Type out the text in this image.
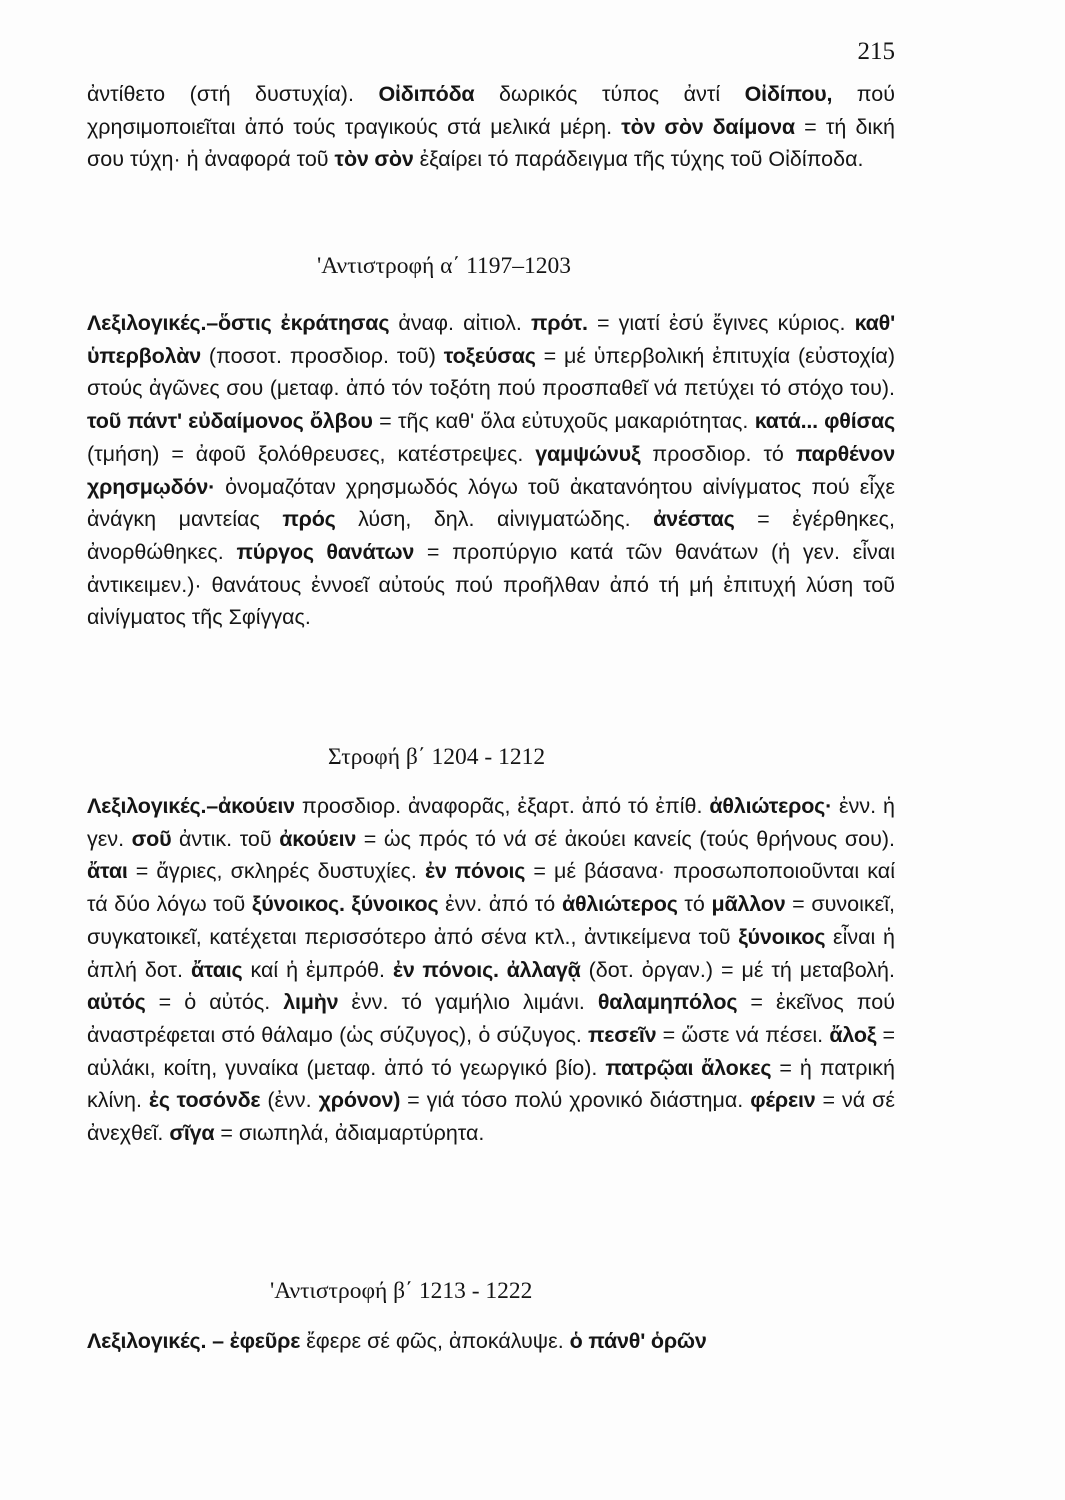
215

ἀντίθετο (στή δυστυχία). Οἰδιπόδα δωρικός τύπος ἀντί Οἰδίπου, πού χρησιμοποιεῖται ἀπό τούς τραγικούς στά μελικά μέρη. τὸν σὸν δαίμονα = τή δική σου τύχη· ἡ ἀναφορά τοῦ τὸν σὸν ἐξαίρει τό παράδειγμα τῆς τύχης τοῦ Οἰδίποδα.

'Αντιστροφή α΄ 1197–1203

Λεξιλογικές.–ὅστις ἐκράτησας ἀναφ. αἰτιολ. πρότ. = γιατί ἐσύ ἔγινες κύριος. καθ' ὑπερβολὰν (ποσοτ. προσδιορ. τοῦ) τοξεύσας = μέ ὑπερβολική ἐπιτυχία (εὐστοχία) στούς ἀγῶνες σου (μεταφ. ἀπό τόν τοξότη πού προσπαθεῖ νά πετύχει τό στόχο του). τοῦ πάντ' εὐδαίμονος ὄλβου = τῆς καθ' ὅλα εὐτυχοῦς μακαριότητας. κατά... φθίσας (τμήση) = ἀφοῦ ξολόθρευσες, κατέστρεψες. γαμψώνυξ προσδιορ. τό παρθένον χρησμῳδόν· ὀνομαζόταν χρησμωδός λόγω τοῦ ἀκατανόητου αἰνίγματος πού εἶχε ἀνάγκη μαντείας πρός λύση, δηλ. αἰνιγματώδης. ἀνέστας = ἐγέρθηκες, ἀνορθώθηκες. πύργος θανάτων = προπύργιο κατά τῶν θανάτων (ἡ γεν. εἶναι ἀντικειμεν.)· θανάτους ἐννοεῖ αὐτούς πού προῆλθαν ἀπό τή μή ἐπιτυχή λύση τοῦ αἰνίγματος τῆς Σφίγγας.

Στροφή β΄ 1204 - 1212

Λεξιλογικές.–ἀκούειν προσδιορ. ἀναφορᾶς, ἐξαρτ. ἀπό τό ἐπίθ. ἀθλιώτερος· ἐνν. ἡ γεν. σοῦ ἀντικ. τοῦ ἀκούειν = ὡς πρός τό νά σέ ἀκούει κανείς (τούς θρήνους σου). ἄται = ἄγριες, σκληρές δυστυχίες. ἐν πόνοις = μέ βάσανα· προσωποποιοῦνται καί τά δύο λόγω τοῦ ξύνοικος. ξύνοικος ἐνν. ἀπό τό ἀθλιώτερος τό μᾶλλον = συνοικεῖ, συγκατοικεῖ, κατέχεται περισσότερο ἀπό σένα κτλ., ἀντικείμενα τοῦ ξύνοικος εἶναι ἡ ἁπλή δοτ. ἄταις καί ἡ ἐμπρόθ. ἐν πόνοις. ἀλλαγᾷ (δοτ. ὀργαν.) = μέ τή μεταβολή. αὐτός = ὁ αὐτός. λιμὴν ἐνν. τό γαμήλιο λιμάνι. θαλαμηπόλος = ἐκεῖνος πού ἀναστρέφεται στό θάλαμο (ὡς σύζυγος), ὁ σύζυγος. πεσεῖν = ὥστε νά πέσει. ἄλοξ = αὐλάκι, κοίτη, γυναίκα (μεταφ. ἀπό τό γεωργικό βίο). πατρῷαι ἄλοκες = ἡ πατρική κλίνη. ἐς τοσόνδε (ἐνν. χρόνον) = γιά τόσο πολύ χρονικό διάστημα. φέρειν = νά σέ ἀνεχθεῖ. σῖγα = σιωπηλά, ἀδιαμαρτύρητα.

'Αντιστροφή β΄ 1213 - 1222

Λεξιλογικές. – ἐφεῦρε ἔφερε σέ φῶς, ἀποκάλυψε. ὁ πάνθ' ὁρῶν
